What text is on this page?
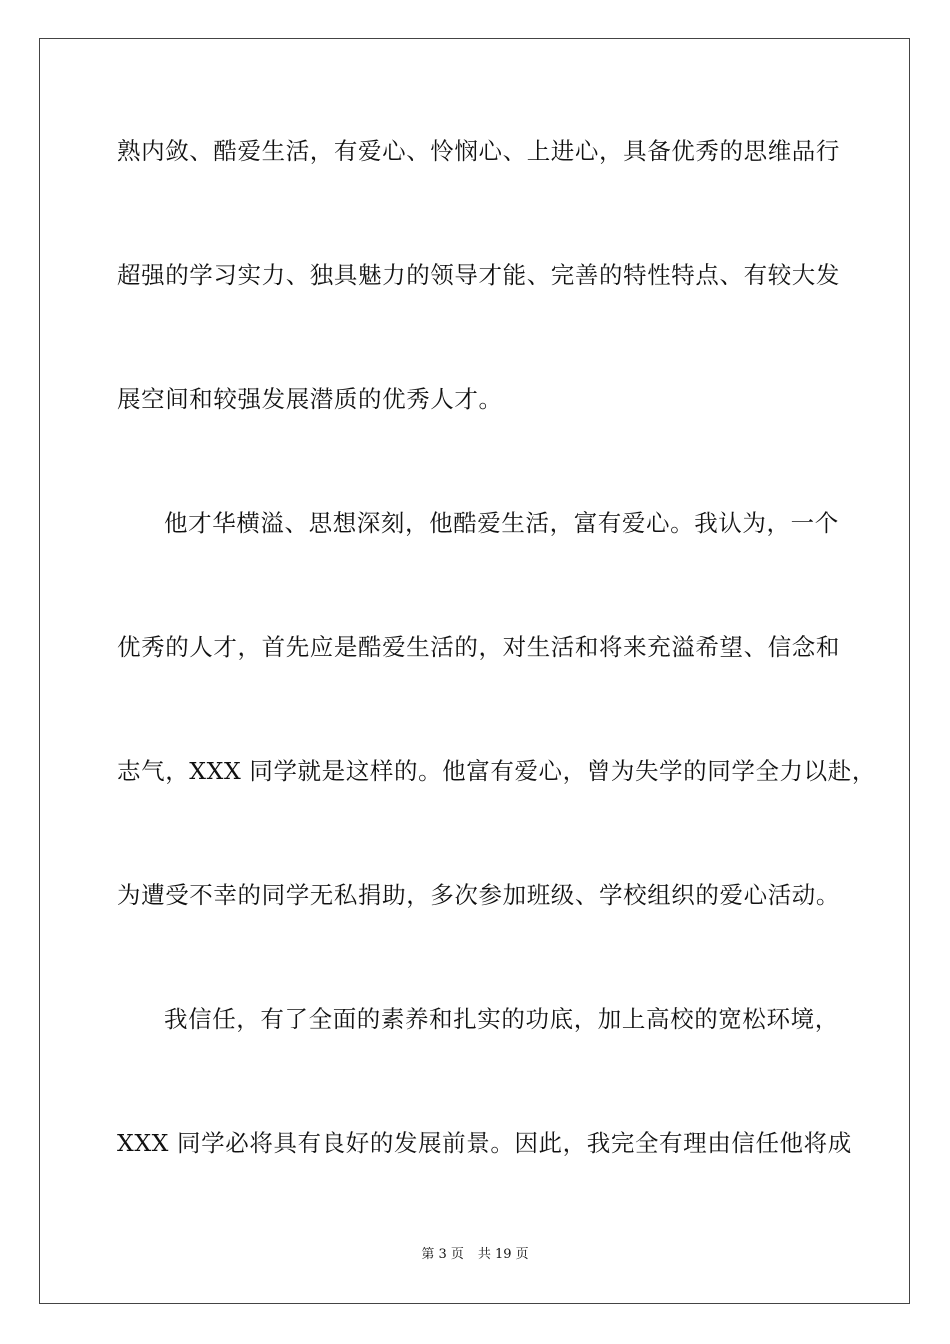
熟内敛、酷爱生活，有爱心、怜悯心、上进心，具备优秀的思维品行
超强的学习实力、独具魅力的领导才能、完善的特性特点、有较大发
展空间和较强发展潜质的优秀人才。
他才华横溢、思想深刻，他酷爱生活，富有爱心。我认为，一个
优秀的人才，首先应是酷爱生活的，对生活和将来充溢希望、信念和
志气，XXX 同学就是这样的。他富有爱心，曾为失学的同学全力以赴，
为遭受不幸的同学无私捐助，多次参加班级、学校组织的爱心活动。
我信任，有了全面的素养和扎实的功底，加上高校的宽松环境，
XXX 同学必将具有良好的发展前景。因此，我完全有理由信任他将成
第 3 页 共 19 页
